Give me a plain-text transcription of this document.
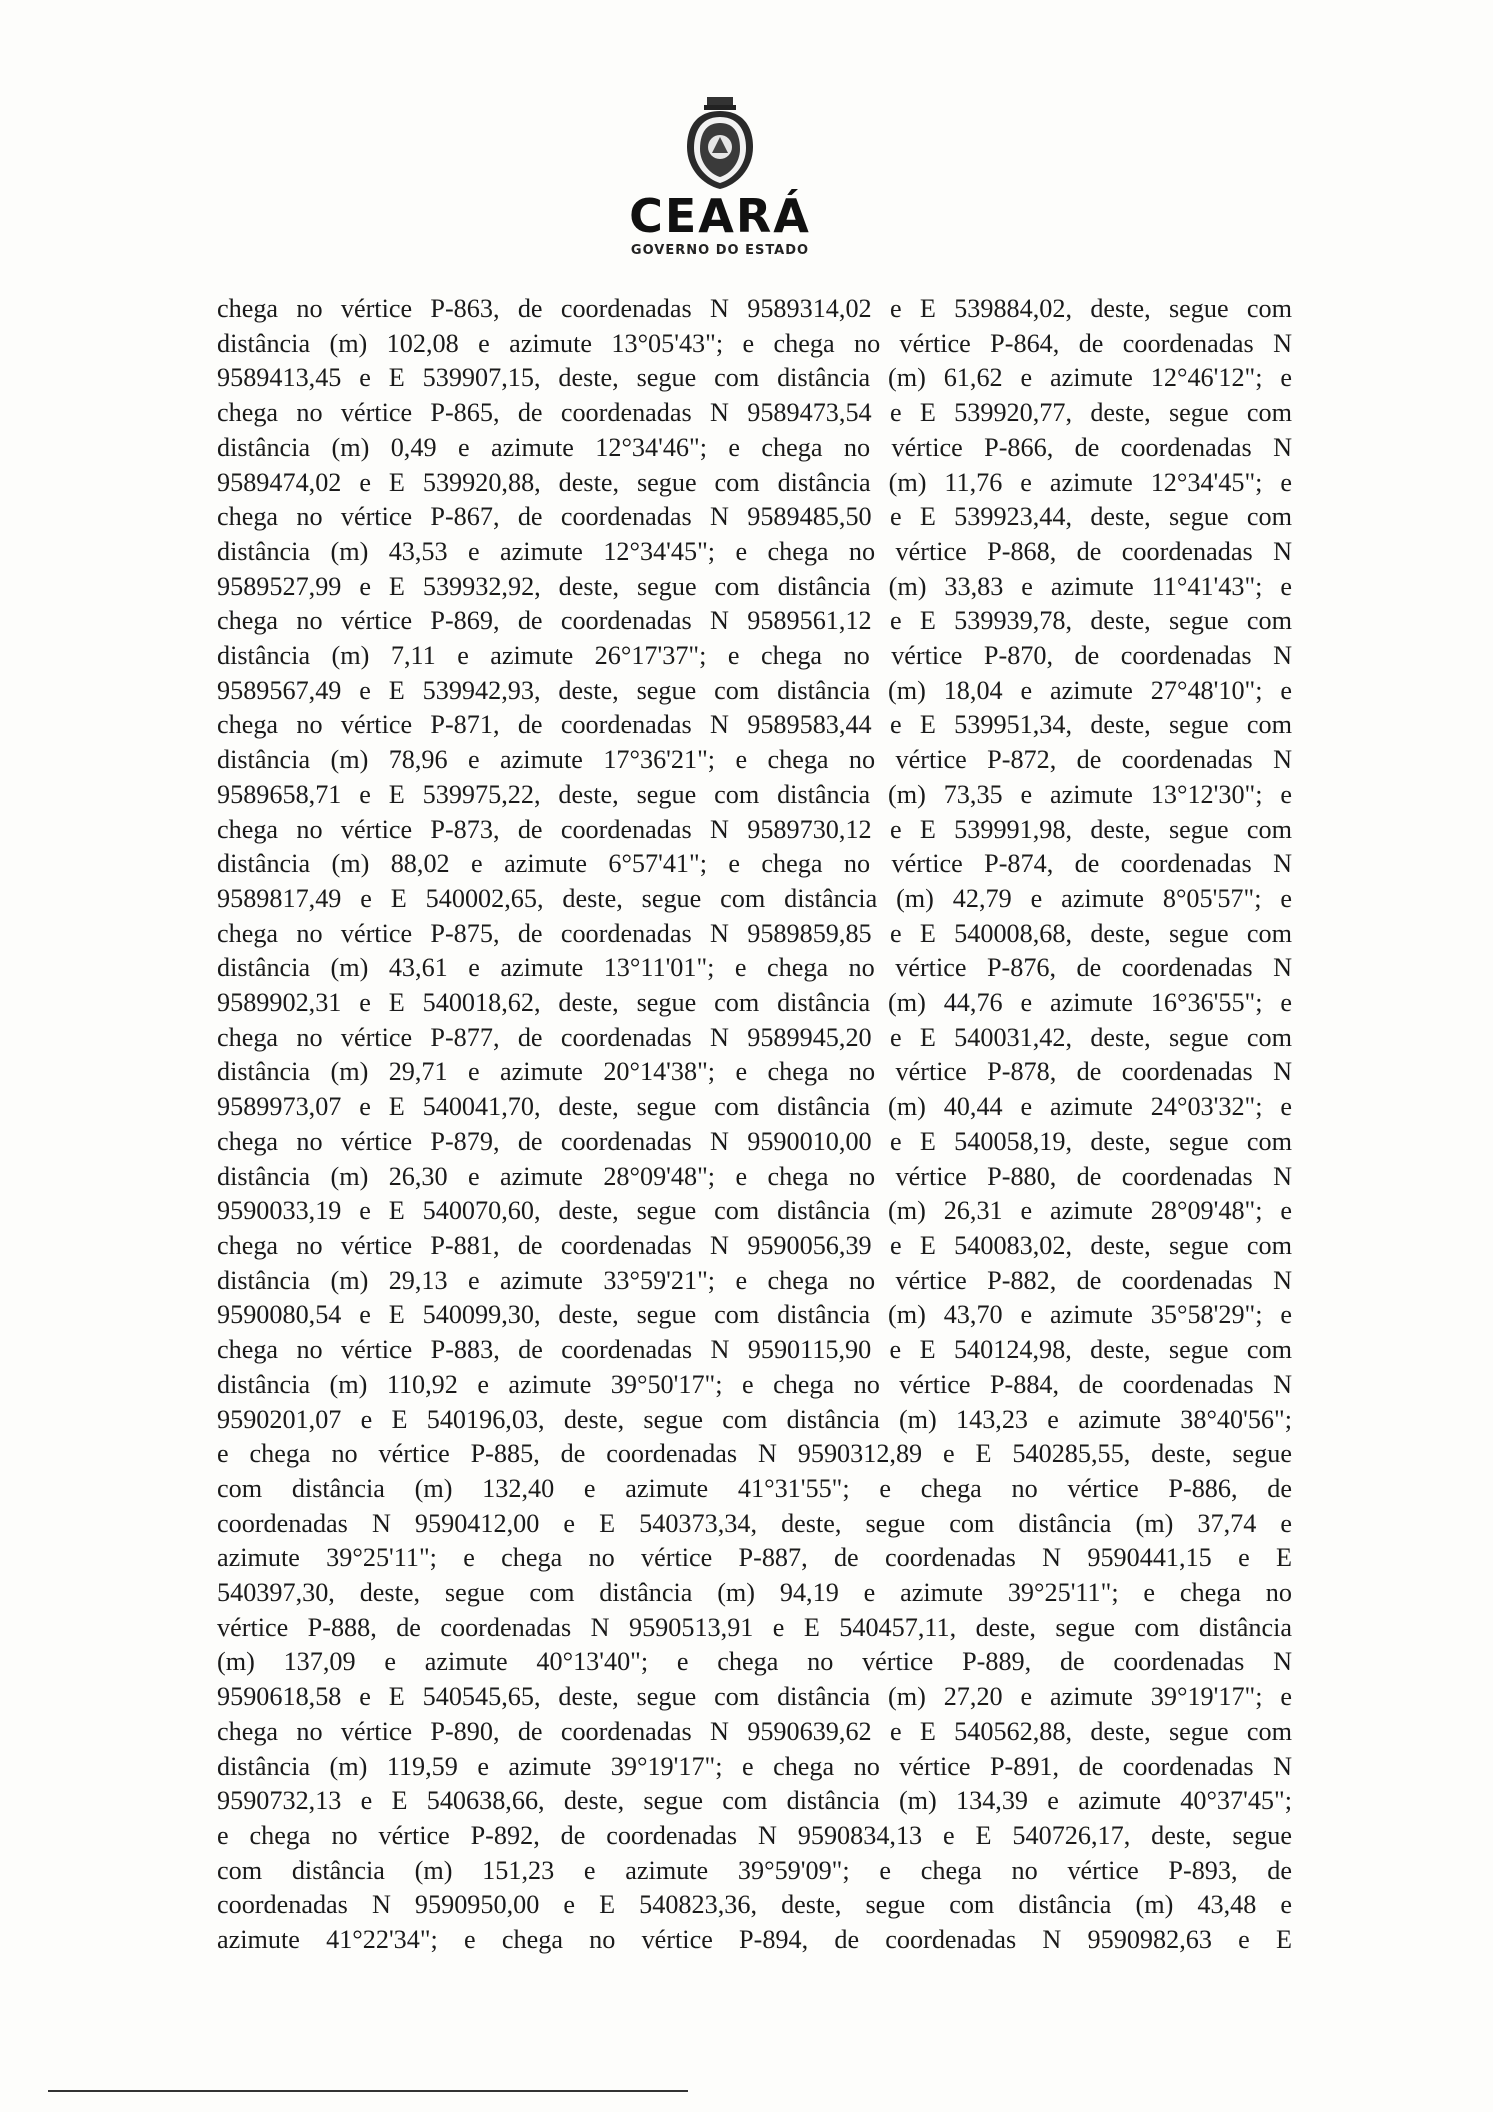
CEARÁ
GOVERNO DO ESTADO
chega no vértice P-863, de coordenadas N 9589314,02 e E 539884,02, deste, segue com
distância (m) 102,08 e azimute 13°05'43"; e chega no vértice P-864, de coordenadas N
9589413,45 e E 539907,15, deste, segue com distância (m) 61,62 e azimute 12°46'12"; e
chega no vértice P-865, de coordenadas N 9589473,54 e E 539920,77, deste, segue com
distância (m) 0,49 e azimute 12°34'46"; e chega no vértice P-866, de coordenadas N
9589474,02 e E 539920,88, deste, segue com distância (m) 11,76 e azimute 12°34'45"; e
chega no vértice P-867, de coordenadas N 9589485,50 e E 539923,44, deste, segue com
distância (m) 43,53 e azimute 12°34'45"; e chega no vértice P-868, de coordenadas N
9589527,99 e E 539932,92, deste, segue com distância (m) 33,83 e azimute 11°41'43"; e
chega no vértice P-869, de coordenadas N 9589561,12 e E 539939,78, deste, segue com
distância (m) 7,11 e azimute 26°17'37"; e chega no vértice P-870, de coordenadas N
9589567,49 e E 539942,93, deste, segue com distância (m) 18,04 e azimute 27°48'10"; e
chega no vértice P-871, de coordenadas N 9589583,44 e E 539951,34, deste, segue com
distância (m) 78,96 e azimute 17°36'21"; e chega no vértice P-872, de coordenadas N
9589658,71 e E 539975,22, deste, segue com distância (m) 73,35 e azimute 13°12'30"; e
chega no vértice P-873, de coordenadas N 9589730,12 e E 539991,98, deste, segue com
distância (m) 88,02 e azimute 6°57'41"; e chega no vértice P-874, de coordenadas N
9589817,49 e E 540002,65, deste, segue com distância (m) 42,79 e azimute 8°05'57"; e
chega no vértice P-875, de coordenadas N 9589859,85 e E 540008,68, deste, segue com
distância (m) 43,61 e azimute 13°11'01"; e chega no vértice P-876, de coordenadas N
9589902,31 e E 540018,62, deste, segue com distância (m) 44,76 e azimute 16°36'55"; e
chega no vértice P-877, de coordenadas N 9589945,20 e E 540031,42, deste, segue com
distância (m) 29,71 e azimute 20°14'38"; e chega no vértice P-878, de coordenadas N
9589973,07 e E 540041,70, deste, segue com distância (m) 40,44 e azimute 24°03'32"; e
chega no vértice P-879, de coordenadas N 9590010,00 e E 540058,19, deste, segue com
distância (m) 26,30 e azimute 28°09'48"; e chega no vértice P-880, de coordenadas N
9590033,19 e E 540070,60, deste, segue com distância (m) 26,31 e azimute 28°09'48"; e
chega no vértice P-881, de coordenadas N 9590056,39 e E 540083,02, deste, segue com
distância (m) 29,13 e azimute 33°59'21"; e chega no vértice P-882, de coordenadas N
9590080,54 e E 540099,30, deste, segue com distância (m) 43,70 e azimute 35°58'29"; e
chega no vértice P-883, de coordenadas N 9590115,90 e E 540124,98, deste, segue com
distância (m) 110,92 e azimute 39°50'17"; e chega no vértice P-884, de coordenadas N
9590201,07 e E 540196,03, deste, segue com distância (m) 143,23 e azimute 38°40'56";
e chega no vértice P-885, de coordenadas N 9590312,89 e E 540285,55, deste, segue
com distância (m) 132,40 e azimute 41°31'55"; e chega no vértice P-886, de
coordenadas N 9590412,00 e E 540373,34, deste, segue com distância (m) 37,74 e
azimute 39°25'11"; e chega no vértice P-887, de coordenadas N 9590441,15 e E
540397,30, deste, segue com distância (m) 94,19 e azimute 39°25'11"; e chega no
vértice P-888, de coordenadas N 9590513,91 e E 540457,11, deste, segue com distância
(m) 137,09 e azimute 40°13'40"; e chega no vértice P-889, de coordenadas N
9590618,58 e E 540545,65, deste, segue com distância (m) 27,20 e azimute 39°19'17"; e
chega no vértice P-890, de coordenadas N 9590639,62 e E 540562,88, deste, segue com
distância (m) 119,59 e azimute 39°19'17"; e chega no vértice P-891, de coordenadas N
9590732,13 e E 540638,66, deste, segue com distância (m) 134,39 e azimute 40°37'45";
e chega no vértice P-892, de coordenadas N 9590834,13 e E 540726,17, deste, segue
com distância (m) 151,23 e azimute 39°59'09"; e chega no vértice P-893, de
coordenadas N 9590950,00 e E 540823,36, deste, segue com distância (m) 43,48 e
azimute 41°22'34"; e chega no vértice P-894, de coordenadas N 9590982,63 e E
